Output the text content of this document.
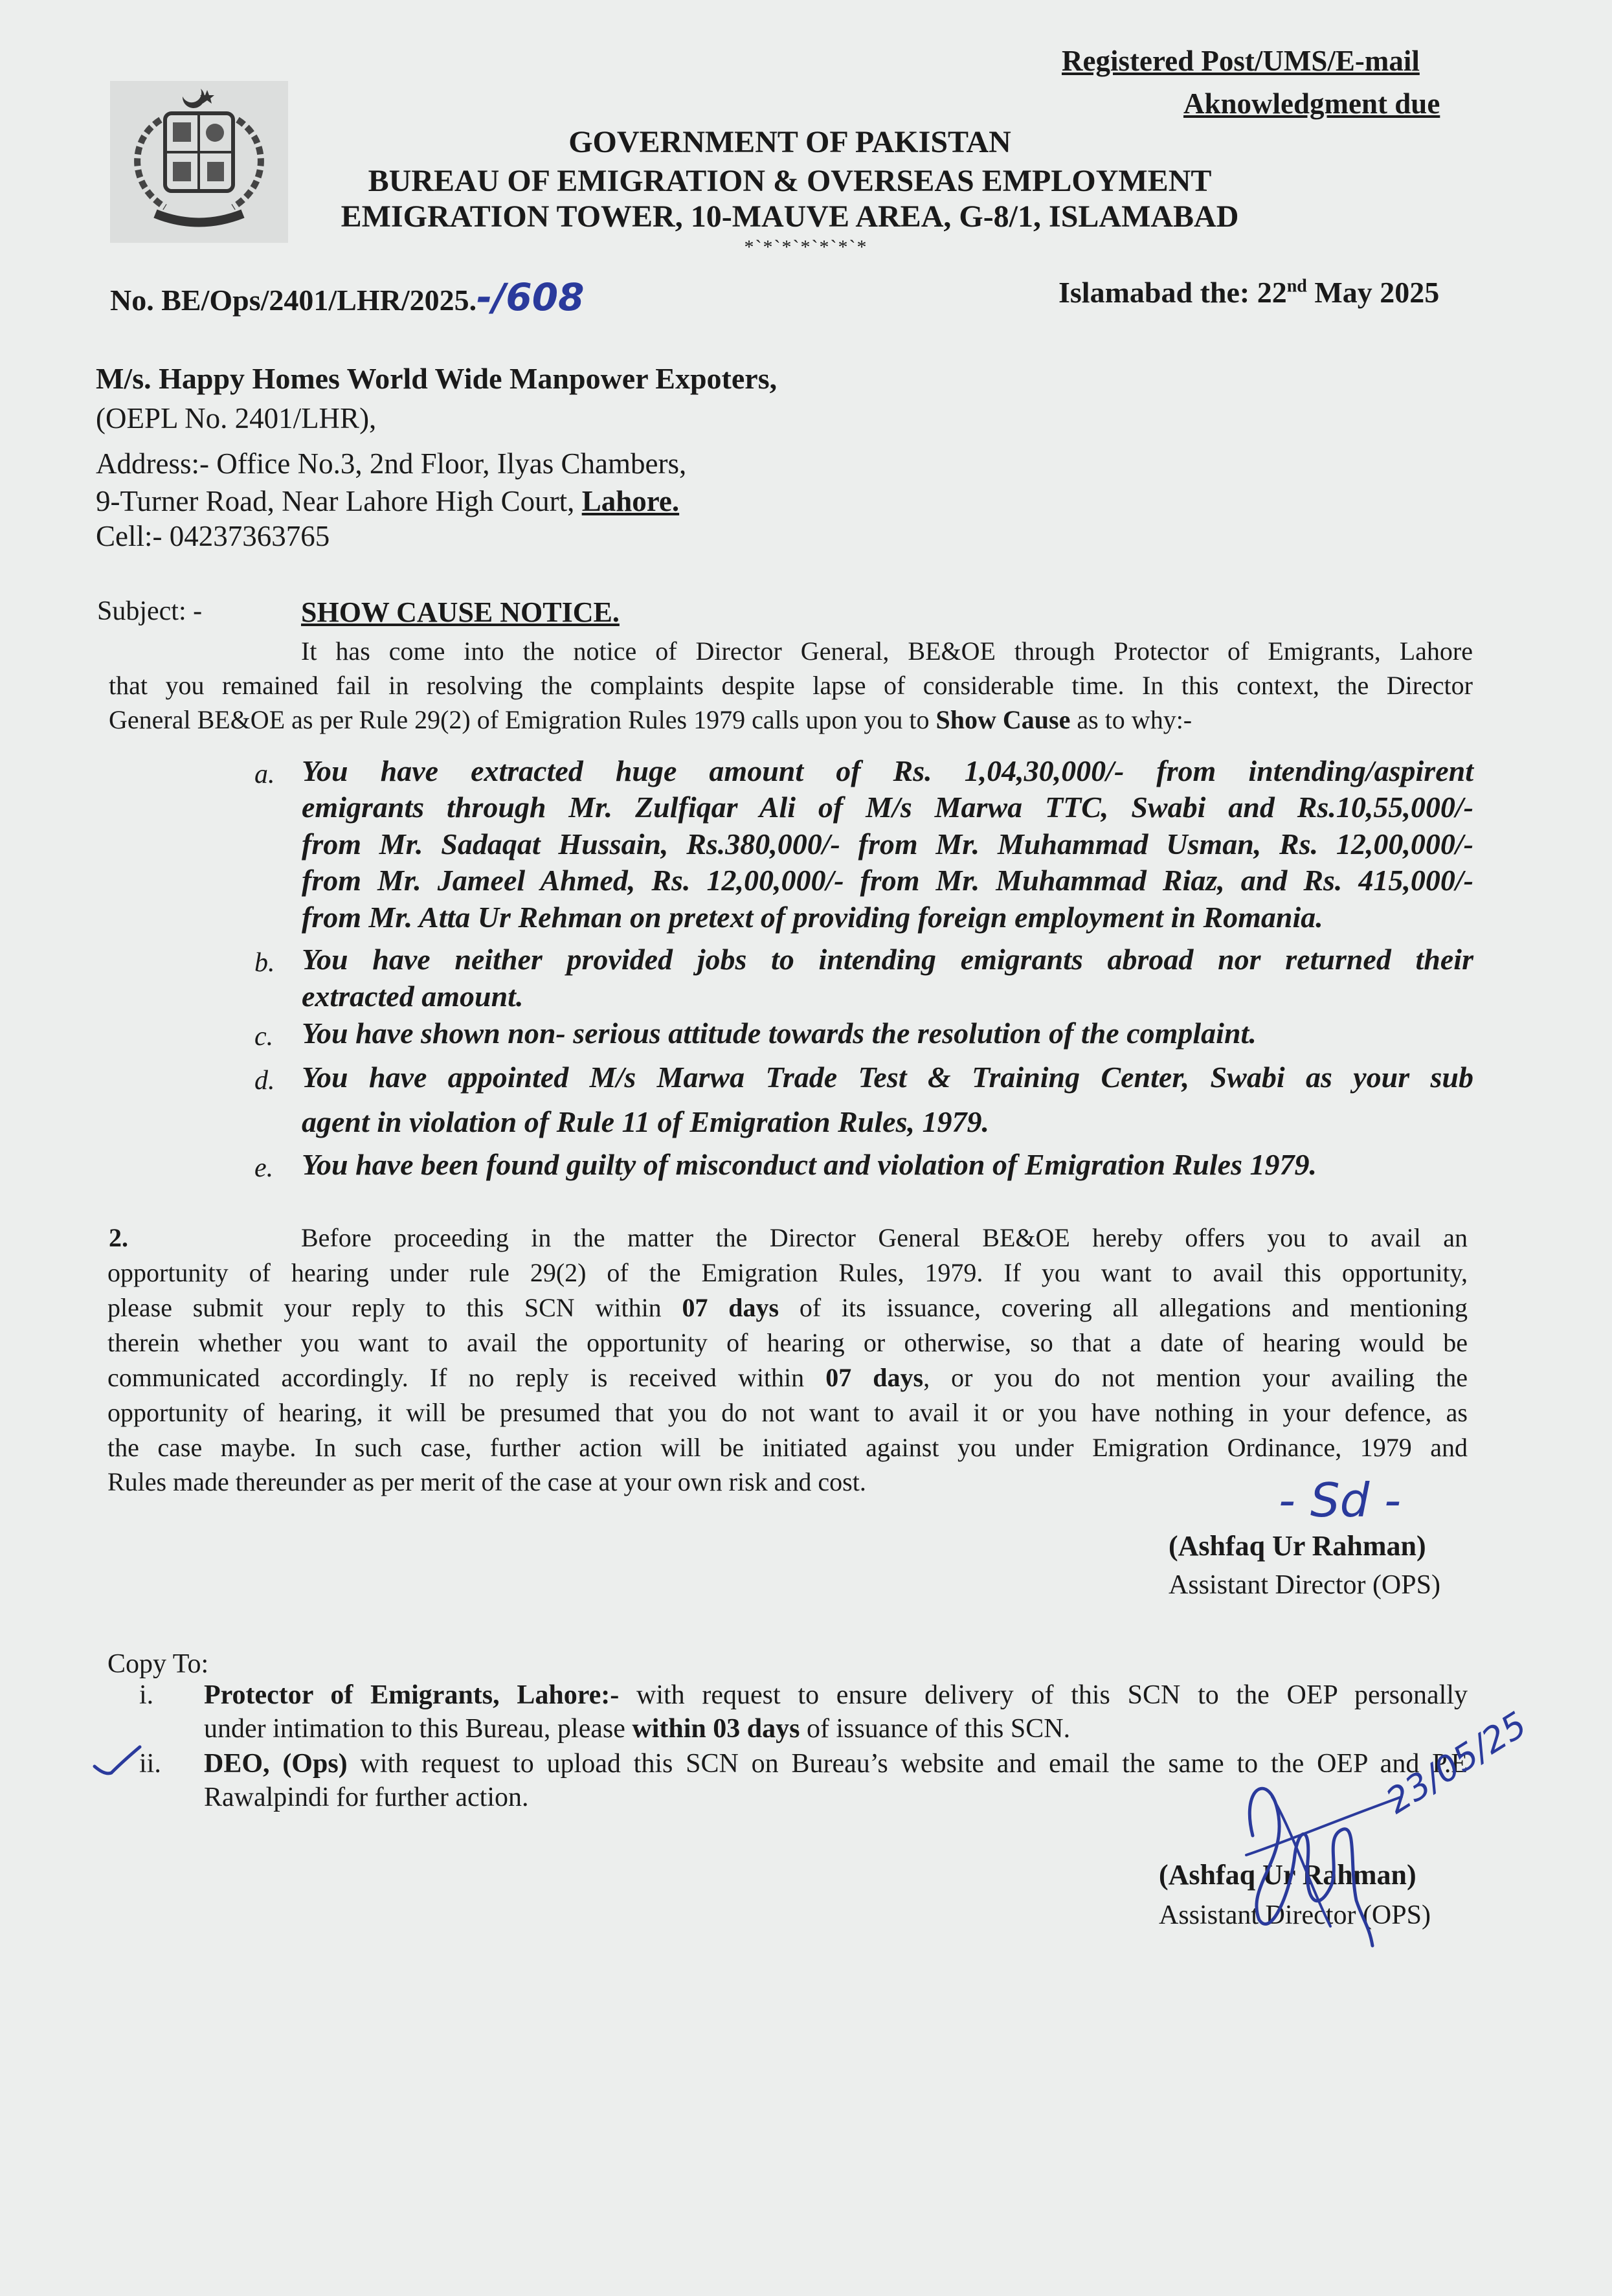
Registered Post/UMS/E-mail
Aknowledgment due
GOVERNMENT OF PAKISTAN
BUREAU OF EMIGRATION & OVERSEAS EMPLOYMENT
EMIGRATION TOWER, 10-MAUVE AREA, G-8/1, ISLAMABAD
*`*`*`*`*`*`*
No. BE/Ops/2401/LHR/2025.-/608	Islamabad the: 22nd May 2025
M/s. Happy Homes World Wide Manpower Expoters,
(OEPL No. 2401/LHR),
Address:- Office No.3, 2nd Floor, Ilyas Chambers,
9-Turner Road, Near Lahore High Court, Lahore.
Cell:- 04237363765
Subject: -	SHOW CAUSE NOTICE.
It has come into the notice of Director General, BE&OE through Protector of Emigrants, Lahore
that you remained fail in resolving the complaints despite lapse of considerable time. In this context, the Director
General BE&OE as per Rule 29(2) of Emigration Rules 1979 calls upon you to Show Cause as to why:-
a. You have extracted huge amount of Rs. 1,04,30,000/- from intending/aspirent
emigrants through Mr. Zulfiqar Ali of M/s Marwa TTC, Swabi and Rs.10,55,000/-
from Mr. Sadaqat Hussain, Rs.380,000/- from Mr. Muhammad Usman, Rs. 12,00,000/-
from Mr. Jameel Ahmed, Rs. 12,00,000/- from Mr. Muhammad Riaz, and Rs. 415,000/-
from Mr. Atta Ur Rehman on pretext of providing foreign employment in Romania.
b. You have neither provided jobs to intending emigrants abroad nor returned their
extracted amount.
c. You have shown non- serious attitude towards the resolution of the complaint.
d. You have appointed M/s Marwa Trade Test & Training Center, Swabi as your sub
agent in violation of Rule 11 of Emigration Rules, 1979.
e. You have been found guilty of misconduct and violation of Emigration Rules 1979.
2.	Before proceeding in the matter the Director General BE&OE hereby offers you to avail an
opportunity of hearing under rule 29(2) of the Emigration Rules, 1979. If you want to avail this opportunity,
please submit your reply to this SCN within 07 days of its issuance, covering all allegations and mentioning
therein whether you want to avail the opportunity of hearing or otherwise, so that a date of hearing would be
communicated accordingly. If no reply is received within 07 days, or you do not mention your availing the
opportunity of hearing, it will be presumed that you do not want to avail it or you have nothing in your defence, as
the case maybe. In such case, further action will be initiated against you under Emigration Ordinance, 1979 and
Rules made thereunder as per merit of the case at your own risk and cost.	- Sd -
(Ashfaq Ur Rahman)
Assistant Director (OPS)
Copy To:
i. Protector of Emigrants, Lahore:- with request to ensure delivery of this SCN to the OEP personally
under intimation to this Bureau, please within 03 days of issuance of this SCN.
ii. DEO, (Ops) with request to upload this SCN on Bureau’s website and email the same to the OEP and P.E
Rawalpindi for further action.
(Ashfaq Ur Rahman)
Assistant Director (OPS)
23/05/25
